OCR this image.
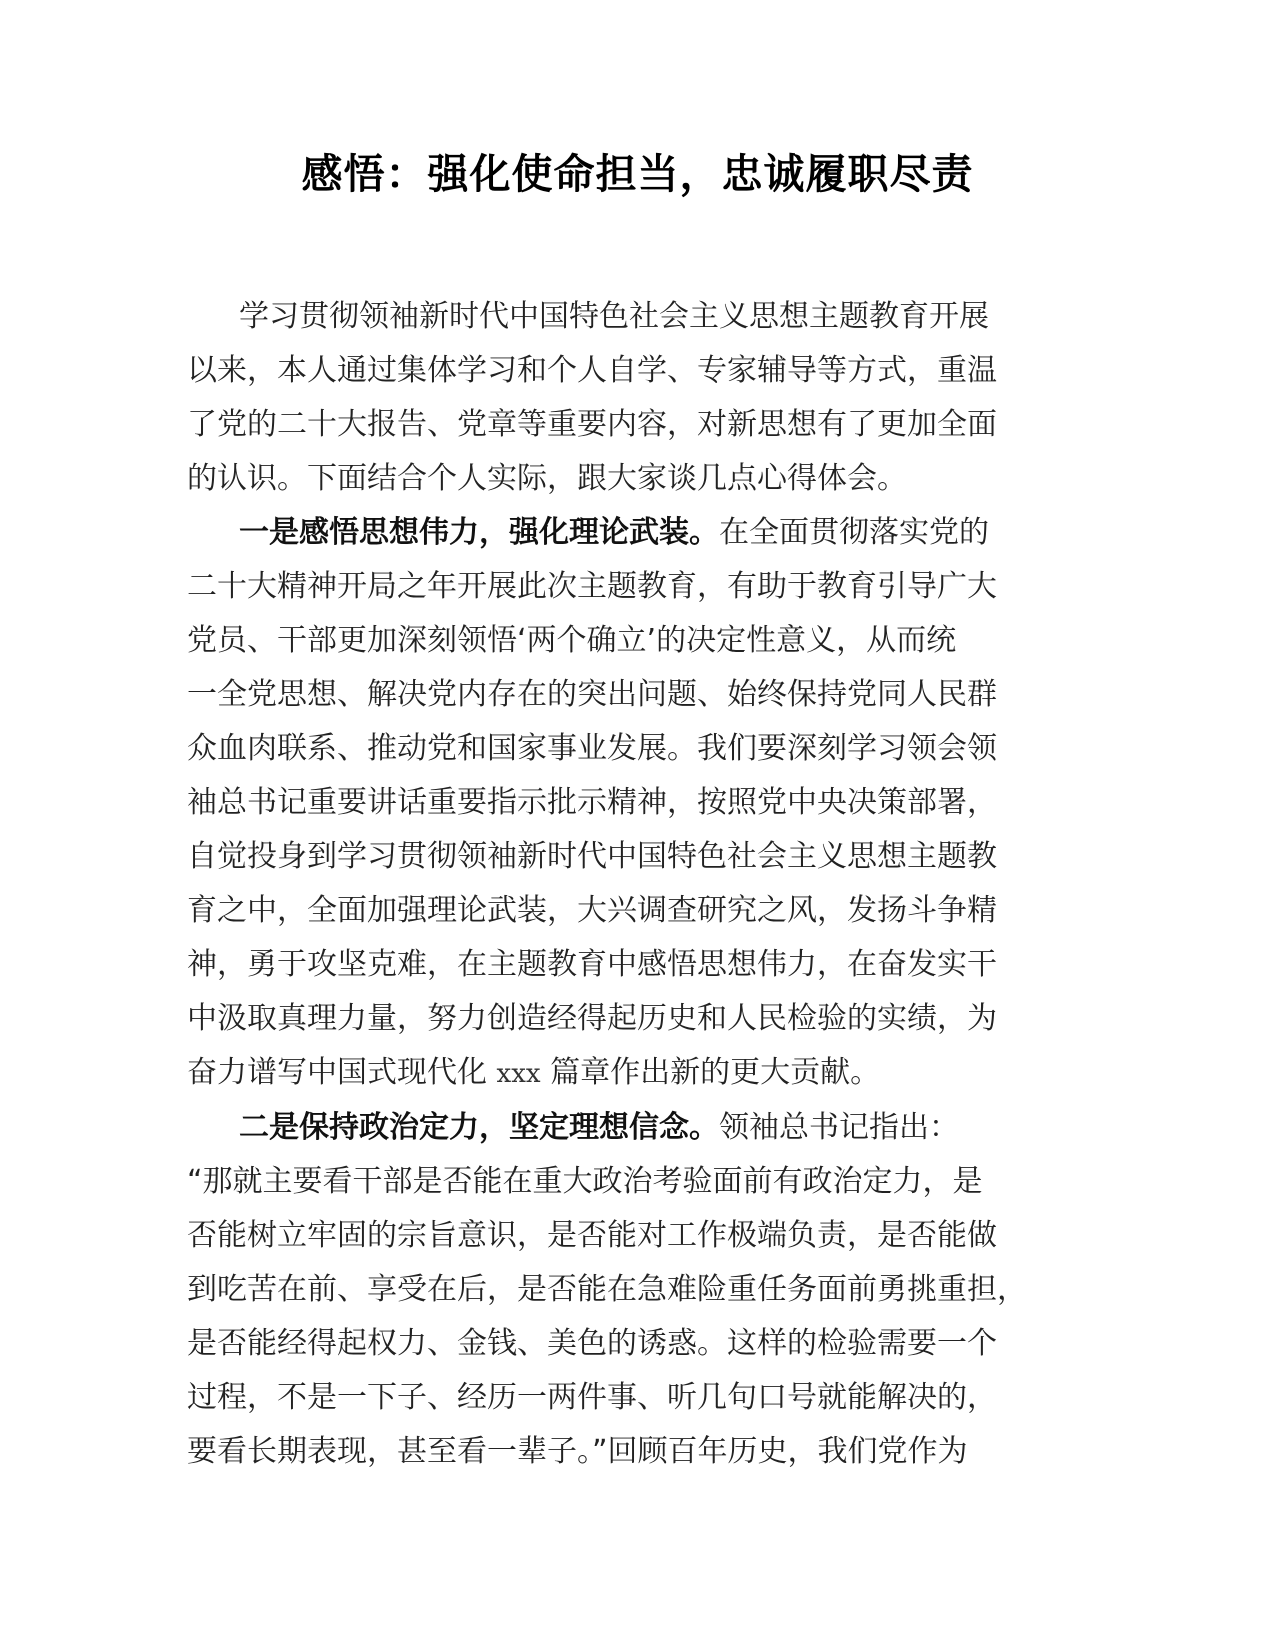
感悟：强化使命担当，忠诚履职尽责
学习贯彻领袖新时代中国特色社会主义思想主题教育开展
以来，本人通过集体学习和个人自学、专家辅导等方式，重温
了党的二十大报告、党章等重要内容，对新思想有了更加全面
的认识。下面结合个人实际，跟大家谈几点心得体会。
一是感悟思想伟力，强化理论武装。在全面贯彻落实党的
二十大精神开局之年开展此次主题教育，有助于教育引导广大
党员、干部更加深刻领悟‘两个确立’的决定性意义，从而统
一全党思想、解决党内存在的突出问题、始终保持党同人民群
众血肉联系、推动党和国家事业发展。我们要深刻学习领会领
袖总书记重要讲话重要指示批示精神，按照党中央决策部署，
自觉投身到学习贯彻领袖新时代中国特色社会主义思想主题教
育之中，全面加强理论武装，大兴调查研究之风，发扬斗争精
神，勇于攻坚克难，在主题教育中感悟思想伟力，在奋发实干
中汲取真理力量，努力创造经得起历史和人民检验的实绩，为
奋力谱写中国式现代化 xxx 篇章作出新的更大贡献。
二是保持政治定力，坚定理想信念。领袖总书记指出：
“那就主要看干部是否能在重大政治考验面前有政治定力，是
否能树立牢固的宗旨意识，是否能对工作极端负责，是否能做
到吃苦在前、享受在后，是否能在急难险重任务面前勇挑重担，
是否能经得起权力、金钱、美色的诱惑。这样的检验需要一个
过程，不是一下子、经历一两件事、听几句口号就能解决的，
要看长期表现，甚至看一辈子。”回顾百年历史，我们党作为
